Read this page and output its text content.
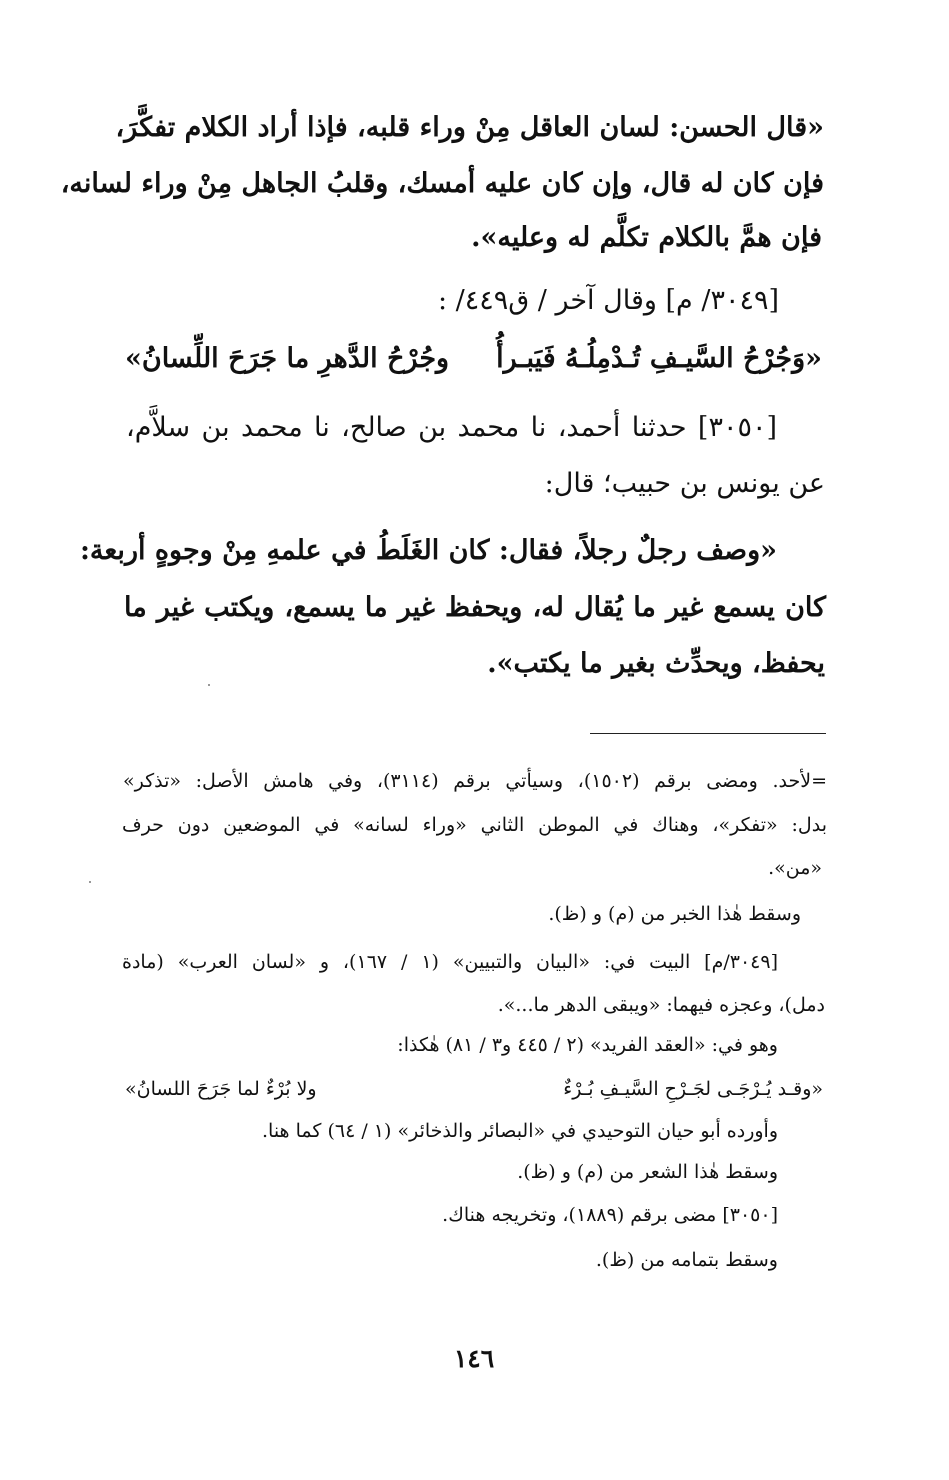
«قال الحسن: لسان العاقل مِنْ وراء قلبه، فإذا أراد الكلام تفكَّرَ،
فإن كان له قال، وإن كان عليه أمسك، وقلبُ الجاهل مِنْ وراء لسانه،
فإن همَّ بالكلام تكلَّم له وعليه».
[٣٠٤٩/ م] وقال آخر / ق٤٤٩/ :
«وَجُرْحُ السَّيـفِ تُـدْمِلُـهُ فَيَبـرأُ
وجُرْحُ الدَّهرِ ما جَرَحَ اللِّسانُ»
[٣٠٥٠] حدثنا أحمد، نا محمد بن صالح، نا محمد بن سلاَّم،
عن يونس بن حبيب؛ قال:
«وصف رجلٌ رجلاً، فقال: كان الغَلَطُ في علمهِ مِنْ وجوهٍ أربعة:
كان يسمع غير ما يُقال له، ويحفظ غير ما يسمع، ويكتب غير ما
يحفظ، ويحدِّث بغير ما يكتب».
=لأحد. ومضى برقم (١٥٠٢)، وسيأتي برقم (٣١١٤)، وفي هامش الأصل: «تذكر»
بدل: «تفكر»، وهناك في الموطن الثاني «وراء لسانه» في الموضعين دون حرف
«من».
وسقط هٰذا الخبر من (م) و (ظ).
[٣٠٤٩/م] البيت في: «البيان والتبيين» (١ / ١٦٧)، و «لسان العرب» (مادة
دمل)، وعجزه فيهما: «ويبقى الدهر ما...».
وهو في: «العقد الفريد» (٢ / ٤٤٥ و٣ / ٨١) هٰكذا:
«وقـد يُـرْجَـى لجَـرْحِ السَّيـفِ بُـرْءٌ
ولا بُرْءٌ لما جَرَحَ اللسانُ»
وأورده أبو حيان التوحيدي في «البصائر والذخائر» (١ / ٦٤) كما هنا.
وسقط هٰذا الشعر من (م) و (ظ).
[٣٠٥٠] مضى برقم (١٨٨٩)، وتخريجه هناك.
وسقط بتمامه من (ظ).
١٤٦
